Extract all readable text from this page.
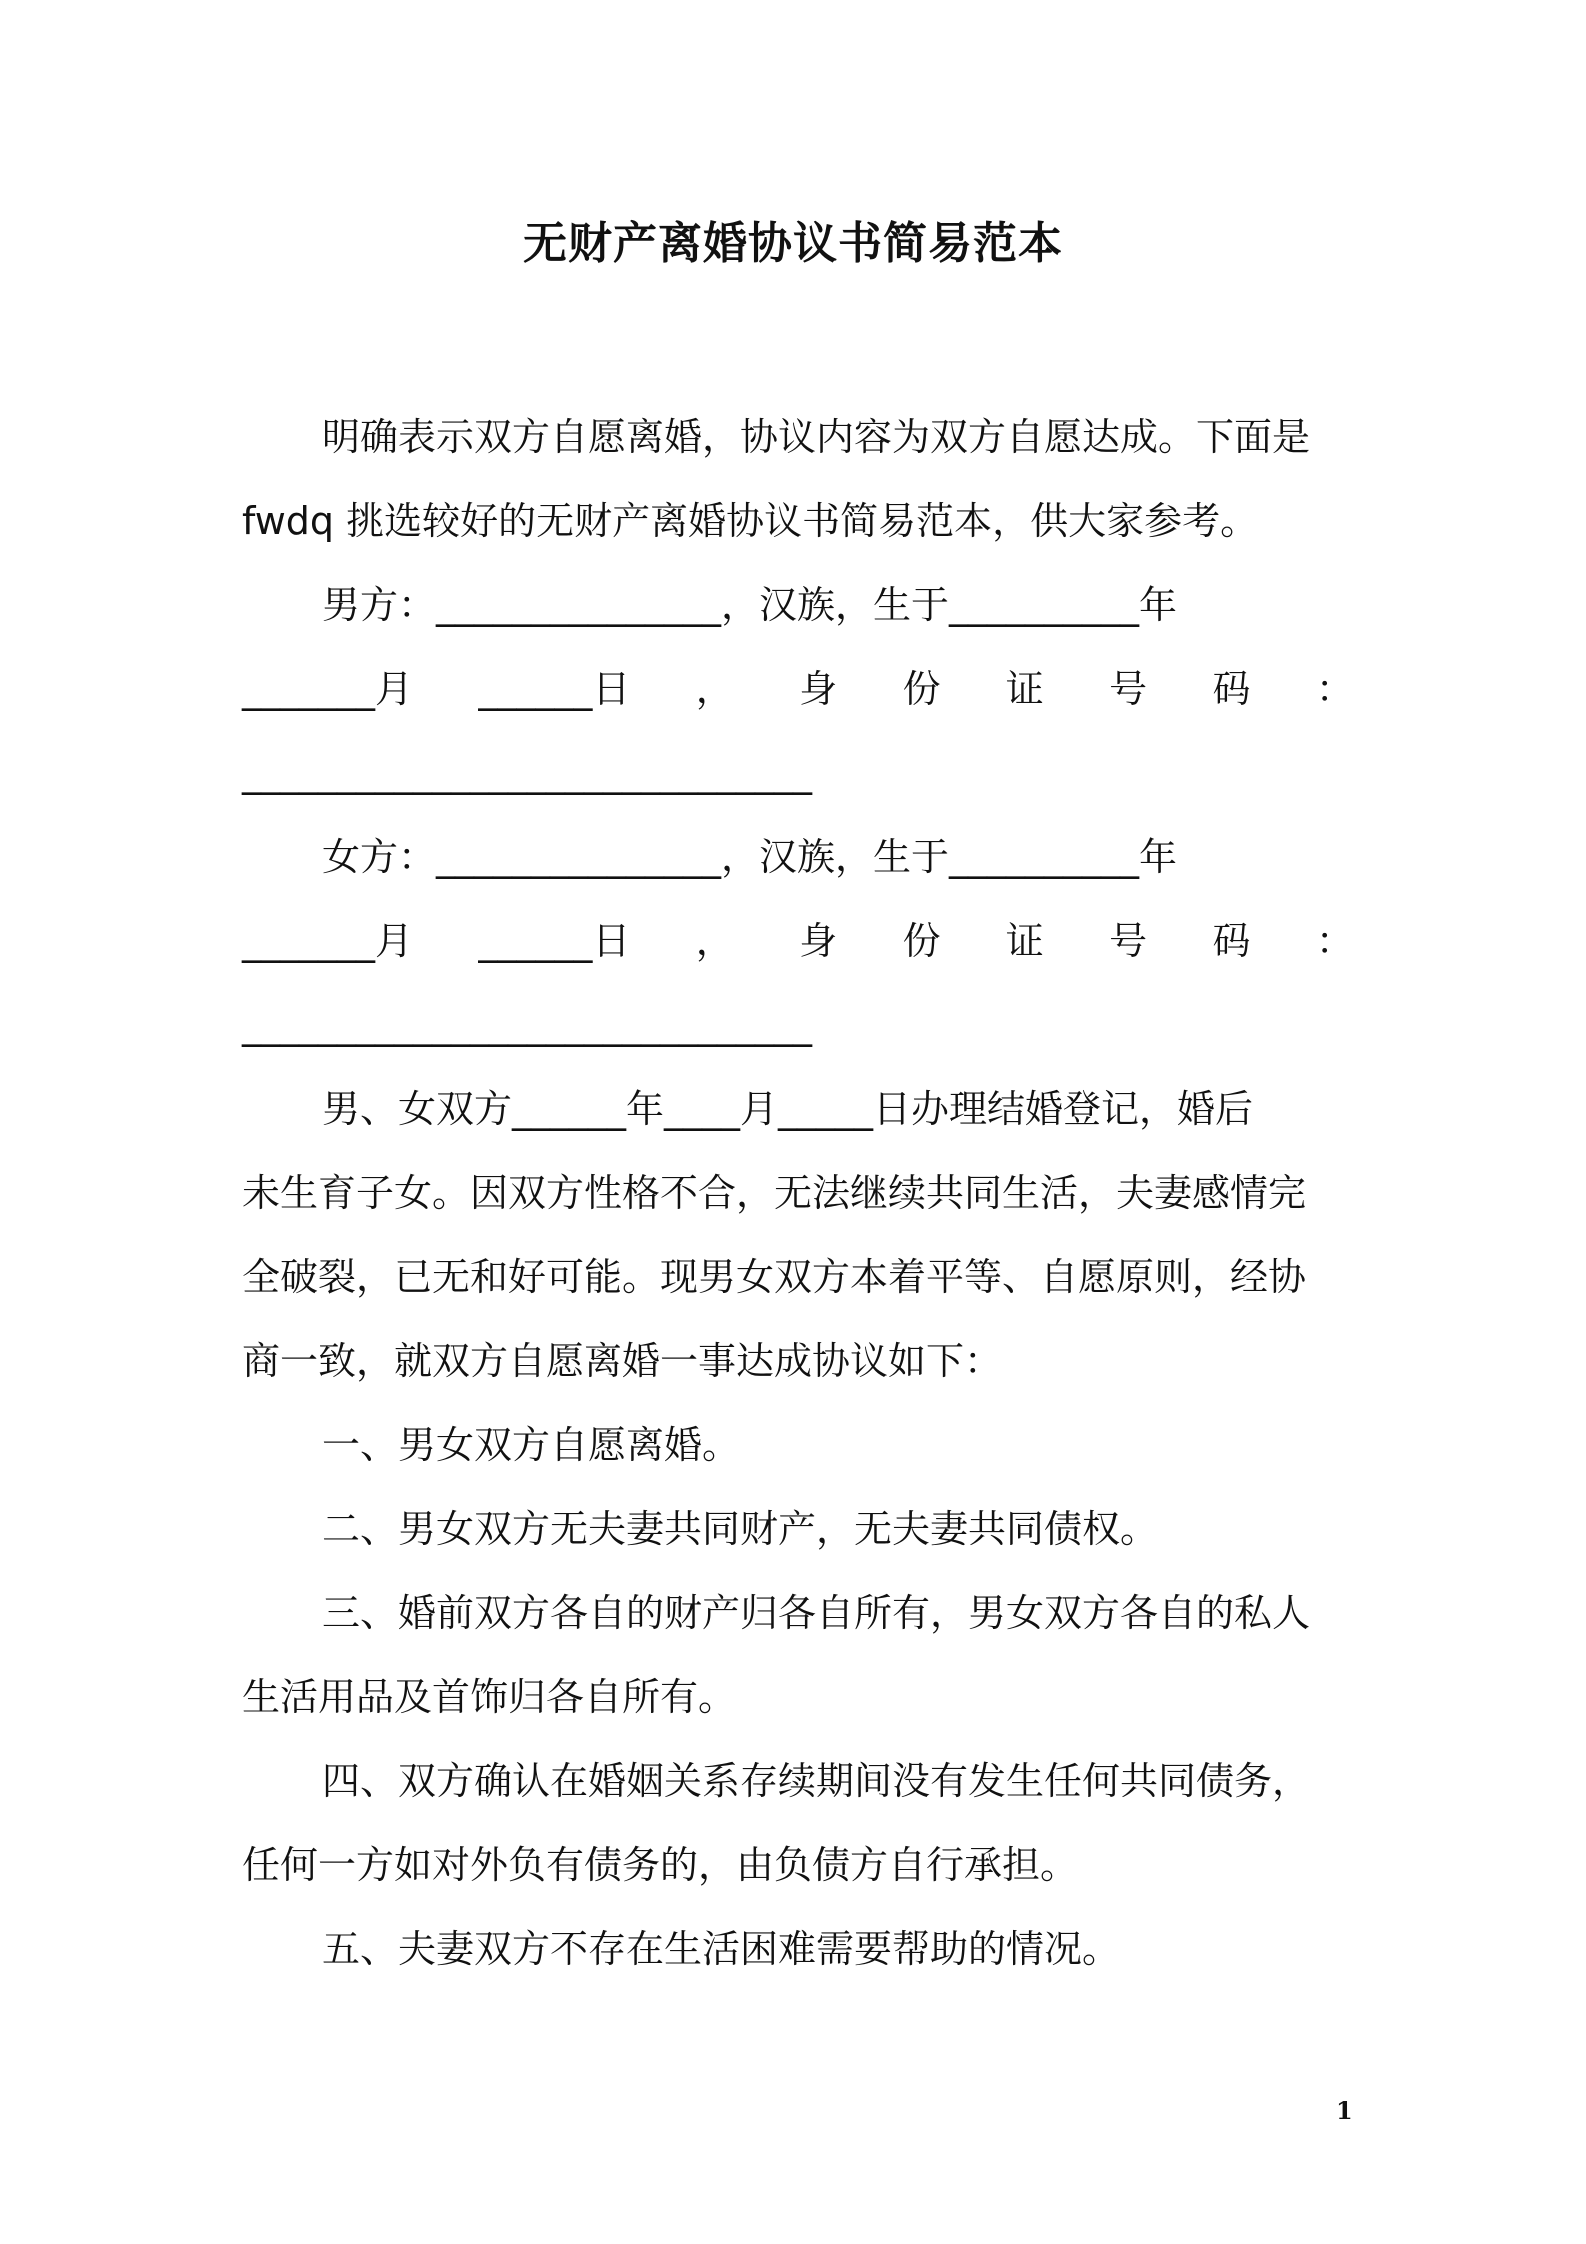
无财产离婚协议书简易范本
明确表示双方自愿离婚，协议内容为双方自愿达成。下面是
fwdq 挑选较好的无财产离婚协议书简易范本，供大家参考。
男方：_______________，汉族，生于__________年
_______月 ______日 ， 身 份 证 号 码 ：
______________________________
女方：_______________，汉族，生于__________年
_______月 ______日 ， 身 份 证 号 码 ：
______________________________
男、女双方______年____月_____日办理结婚登记，婚后
未生育子女。因双方性格不合，无法继续共同生活，夫妻感情完
全破裂，已无和好可能。现男女双方本着平等、自愿原则，经协
商一致，就双方自愿离婚一事达成协议如下：
一、男女双方自愿离婚。
二、男女双方无夫妻共同财产，无夫妻共同债权。
三、婚前双方各自的财产归各自所有，男女双方各自的私人
生活用品及首饰归各自所有。
四、双方确认在婚姻关系存续期间没有发生任何共同债务，
任何一方如对外负有债务的，由负债方自行承担。
五、夫妻双方不存在生活困难需要帮助的情况。
1
